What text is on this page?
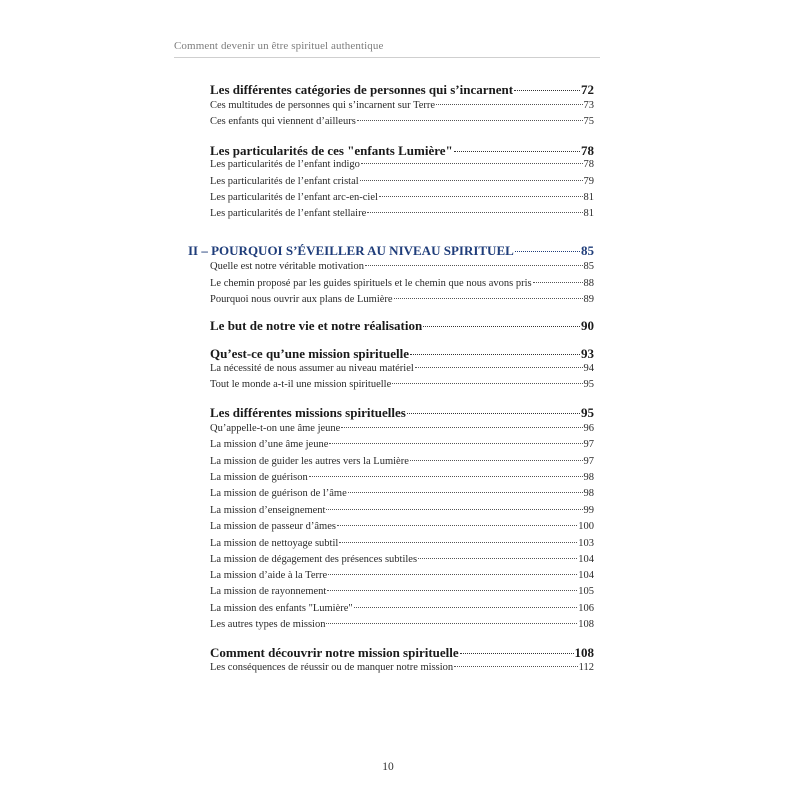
Comment devenir un être spirituel authentique
Les différentes catégories de personnes qui s’incarnent	72
Ces multitudes de personnes qui s’incarnent sur Terre	73
Ces enfants qui viennent d’ailleurs	75
Les particularités de ces "enfants Lumière"	78
Les particularités de l’enfant indigo	78
Les particularités de l’enfant cristal	79
Les particularités de l’enfant arc-en-ciel	81
Les particularités de l’enfant stellaire	81
II – POURQUOI S’ÉVEILLER AU NIVEAU SPIRITUEL	85
Quelle est notre véritable motivation	85
Le chemin proposé par les guides spirituels et le chemin que nous avons pris	88
Pourquoi nous ouvrir aux plans de Lumière	89
Le but de notre vie et notre réalisation	90
Qu’est-ce qu’une mission spirituelle	93
La nécessité de nous assumer au niveau matériel	94
Tout le monde a-t-il une mission spirituelle	95
Les différentes missions spirituelles	95
Qu’appelle-t-on une âme jeune	96
La mission d’une âme jeune	97
La mission de guider les autres vers la Lumière	97
La mission de guérison	98
La mission de guérison de l’âme	98
La mission d’enseignement	99
La mission de passeur d’âmes	100
La mission de nettoyage subtil	103
La mission de dégagement des présences subtiles	104
La mission d’aide à la Terre	104
La mission de rayonnement	105
La mission des enfants "Lumière"	106
Les autres types de mission	108
Comment découvrir notre mission spirituelle	108
Les conséquences de réussir ou de manquer notre mission	112
10
